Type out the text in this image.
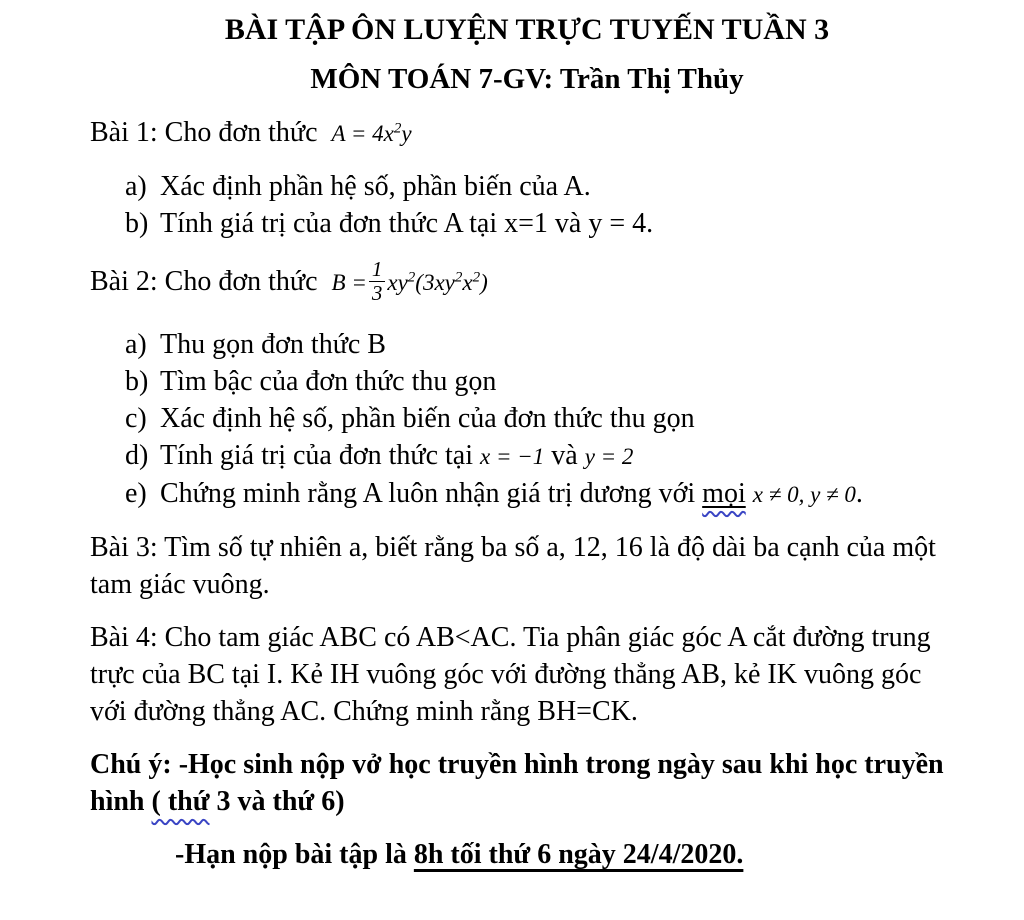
BÀI TẬP ÔN LUYỆN TRỰC TUYẾN TUẦN 3
MÔN TOÁN 7-GV: Trần Thị Thủy

Bài 1: Cho đơn thức $A = 4x^2y$

a) Xác định phần hệ số, phần biến của A.
b) Tính giá trị của đơn thức A tại x=1 và y = 4.

Bài 2: Cho đơn thức $B = \frac{1}{3} xy^2(3xy^2x^2)$

a) Thu gọn đơn thức B
b) Tìm bậc của đơn thức thu gọn
c) Xác định hệ số, phần biến của đơn thức thu gọn
d) Tính giá trị của đơn thức tại x = −1 và y = 2
e) Chứng minh rằng A luôn nhận giá trị dương với mọi x ≠ 0, y ≠ 0.

Bài 3: Tìm số tự nhiên a, biết rằng ba số a, 12, 16 là độ dài ba cạnh của một tam giác vuông.

Bài 4: Cho tam giác ABC có AB<AC. Tia phân giác góc A cắt đường trung trực của BC tại I. Kẻ IH vuông góc với đường thẳng AB, kẻ IK vuông góc với đường thẳng AC. Chứng minh rằng BH=CK.

Chú ý: -Học sinh nộp vở học truyền hình trong ngày sau khi học truyền hình ( thứ 3 và thứ 6)

-Hạn nộp bài tập là 8h tối thứ 6 ngày 24/4/2020.
